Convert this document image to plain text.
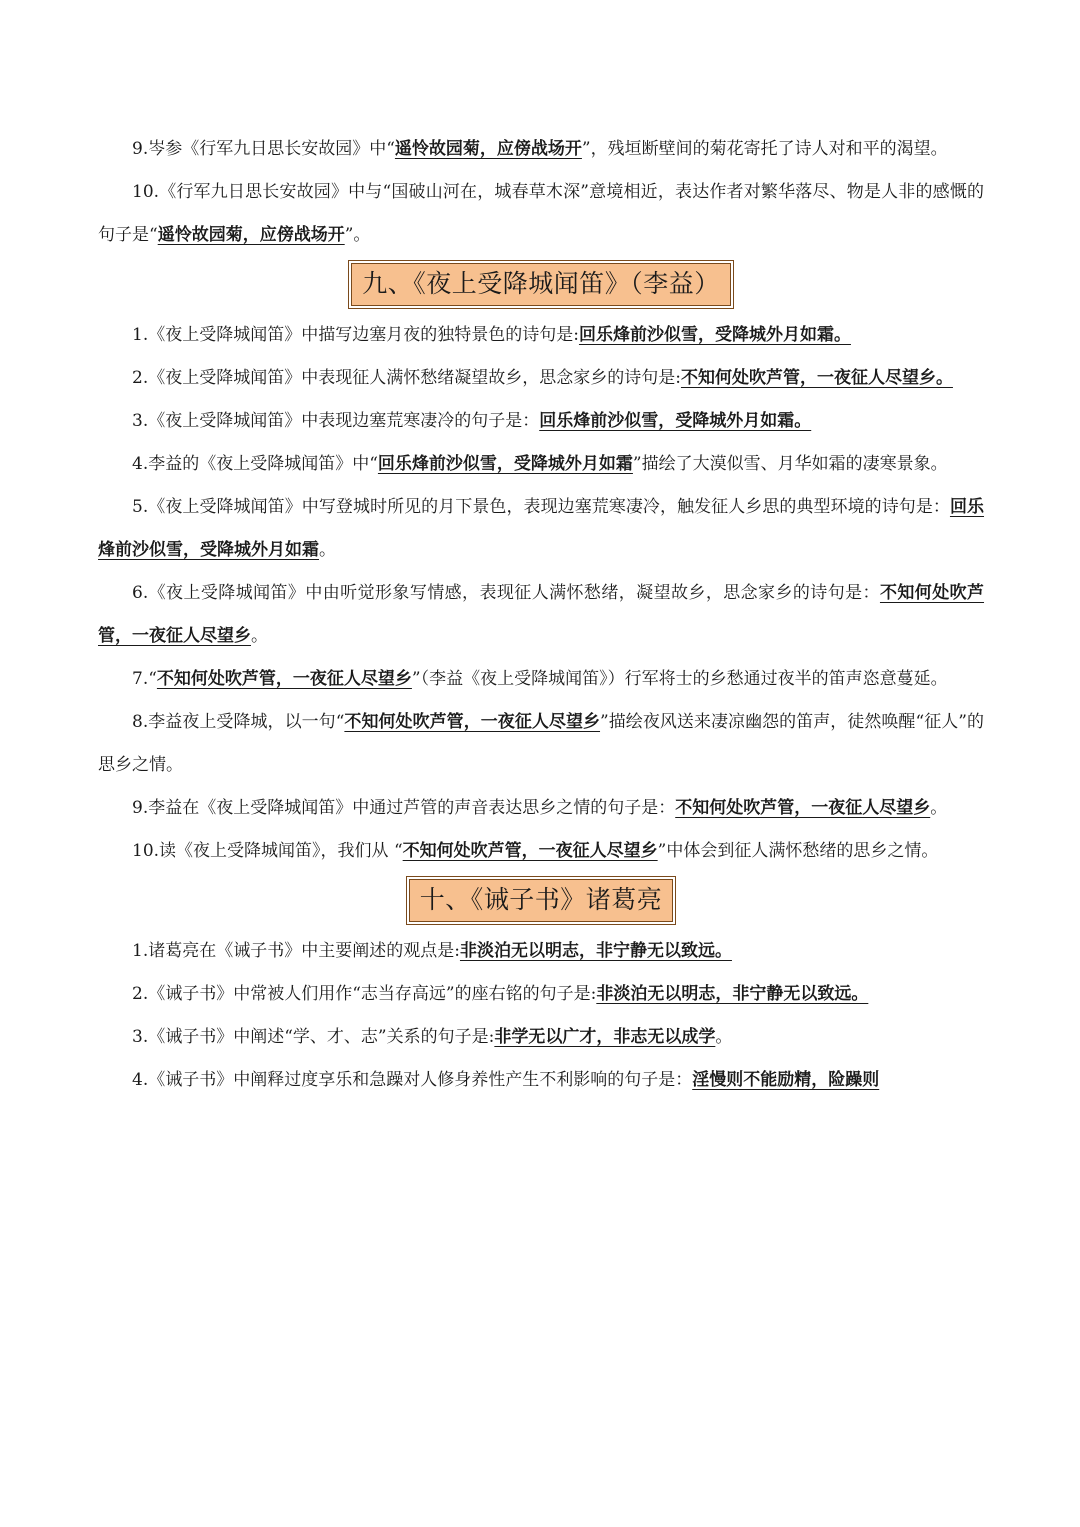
9.岑参《行军九日思长安故园》中“遥怜故园菊，应傍战场开”，残垣断壁间的菊花寄托了诗人对和平的渴望。

10.《行军九日思长安故园》中与“国破山河在，城春草木深”意境相近，表达作者对繁华落尽、物是人非的感慨的句子是“遥怜故园菊，应傍战场开”。

九、《夜上受降城闻笛》（李益）

1.《夜上受降城闻笛》中描写边塞月夜的独特景色的诗句是:回乐烽前沙似雪，受降城外月如霜。

2.《夜上受降城闻笛》中表现征人满怀愁绪凝望故乡，思念家乡的诗句是:不知何处吹芦管，一夜征人尽望乡。

3.《夜上受降城闻笛》中表现边塞荒寒凄冷的句子是：回乐烽前沙似雪，受降城外月如霜。

4.李益的《夜上受降城闻笛》中“回乐烽前沙似雪，受降城外月如霜”描绘了大漠似雪、月华如霜的凄寒景象。

5.《夜上受降城闻笛》中写登城时所见的月下景色，表现边塞荒寒凄冷，触发征人乡思的典型环境的诗句是：回乐烽前沙似雪，受降城外月如霜。

6.《夜上受降城闻笛》中由听觉形象写情感，表现征人满怀愁绪，凝望故乡，思念家乡的诗句是：不知何处吹芦管，一夜征人尽望乡。

7.“不知何处吹芦管，一夜征人尽望乡”（李益《夜上受降城闻笛》）行军将士的乡愁通过夜半的笛声恣意蔓延。

8.李益夜上受降城，以一句“不知何处吹芦管，一夜征人尽望乡”描绘夜风送来凄凉幽怨的笛声，徒然唤醒“征人”的思乡之情。

9.李益在《夜上受降城闻笛》中通过芦管的声音表达思乡之情的句子是：不知何处吹芦管，一夜征人尽望乡。

10.读《夜上受降城闻笛》，我们从 “不知何处吹芦管，一夜征人尽望乡”中体会到征人满怀愁绪的思乡之情。

十、《诫子书》诸葛亮

1.诸葛亮在《诫子书》中主要阐述的观点是:非淡泊无以明志，非宁静无以致远。

2.《诫子书》中常被人们用作“志当存高远”的座右铭的句子是:非淡泊无以明志，非宁静无以致远。

3.《诫子书》中阐述“学、才、志”关系的句子是:非学无以广才，非志无以成学。

4.《诫子书》中阐释过度享乐和急躁对人修身养性产生不利影响的句子是：淫慢则不能励精，险躁则
